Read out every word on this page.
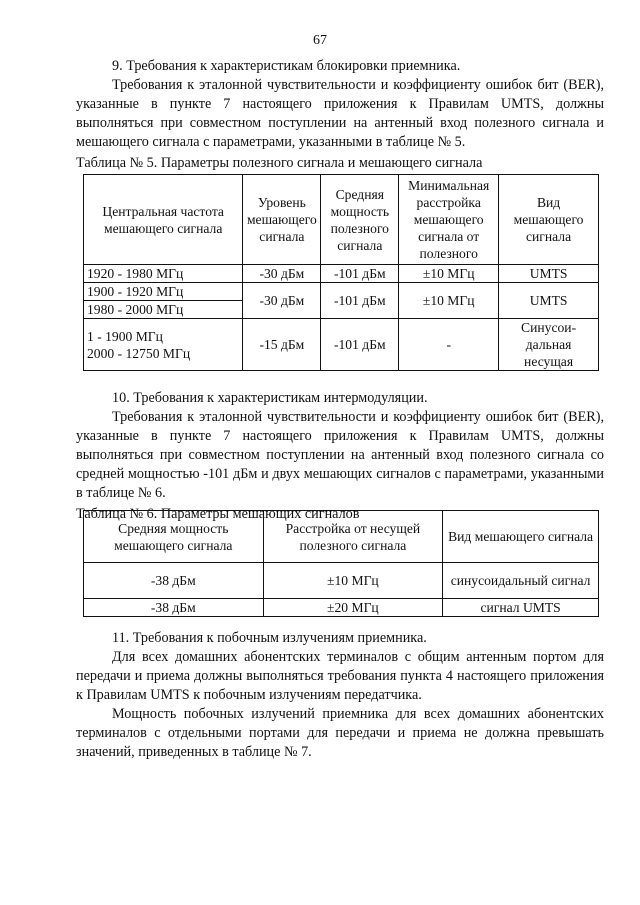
67

9. Требования к характеристикам блокировки приемника.

Требования к эталонной чувствительности и коэффициенту ошибок бит (BER), указанные в пункте 7 настоящего приложения к Правилам UMTS, должны выполняться при совместном поступлении на антенный вход полезного сигнала и мешающего сигнала с параметрами, указанными в таблице № 5.

Таблица № 5. Параметры полезного сигнала и мешающего сигнала

Центральная частота мешающего сигнала	Уровень мешающего сигнала	Средняя мощность полезного сигнала	Минимальная расстройка мешающего сигнала от полезного	Вид мешающего сигнала
1920 - 1980 МГц	-30 дБм	-101 дБм	±10 МГц	UMTS
1900 - 1920 МГц	-30 дБм	-101 дБм	±10 МГц	UMTS
1980 - 2000 МГц				

1 - 1900 МГц
2000 - 12750 МГц	-15 дБм	-101 дБм	-	Синусои- дальная несущая

10. Требования к характеристикам интермодуляции.

Требования к эталонной чувствительности и коэффициенту ошибок бит (BER), указанные в пункте 7 настоящего приложения к Правилам UMTS, должны выполняться при совместном поступлении на антенный вход полезного сигнала со средней мощностью -101 дБм и двух мешающих сигналов с параметрами, указанными в таблице № 6.

Таблица № 6. Параметры мешающих сигналов

Средняя мощность мешающего сигнала	Расстройка от несущей полезного сигнала	Вид мешающего сигнала
-38 дБм	±10 МГц	синусоидальный сигнал
-38 дБм	±20 МГц	сигнал UMTS

11. Требования к побочным излучениям приемника.

Для всех домашних абонентских терминалов с общим антенным портом для передачи и приема должны выполняться требования пункта 4 настоящего приложения к Правилам UMTS к побочным излучениям передатчика.

Мощность побочных излучений приемника для всех домашних абонентских терминалов с отдельными портами для передачи и приема не должна превышать значений, приведенных в таблице № 7.
